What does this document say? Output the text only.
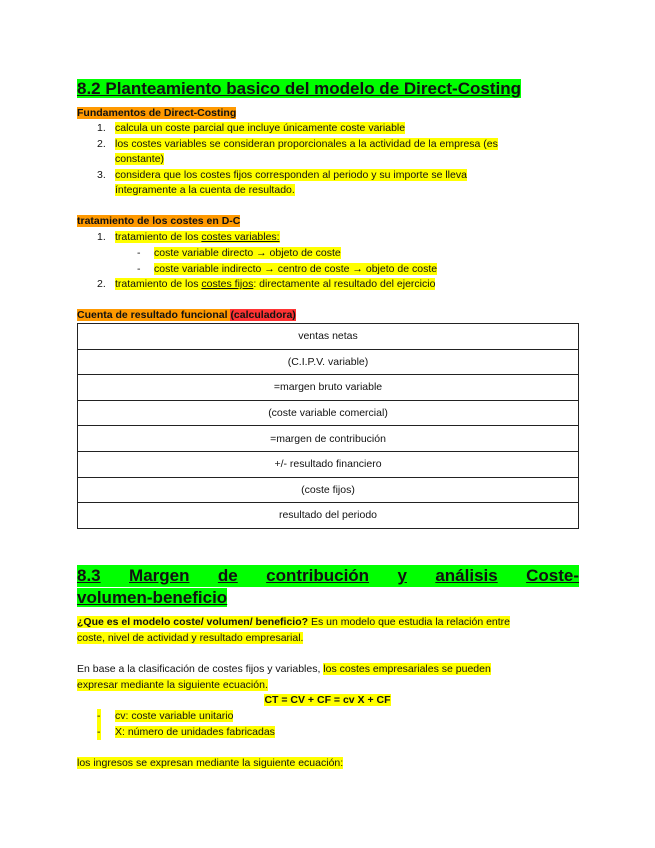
8.2 Planteamiento basico del modelo de Direct-Costing
Fundamentos de Direct-Costing
1. calcula un coste parcial que incluye únicamente coste variable
2. los costes variables se consideran proporcionales a la actividad de la empresa (es
constante)
3. considera que los costes fijos corresponden al periodo y su importe se lleva
íntegramente a la cuenta de resultado.
tratamiento de los costes en D-C
1. tratamiento de los costes variables:
- coste variable directo → objeto de coste
- coste variable indirecto → centro de coste → objeto de coste
2. tratamiento de los costes fijos: directamente al resultado del ejercicio
Cuenta de resultado funcional (calculadora)
ventas netas
(C.I.P.V. variable)
=margen bruto variable
(coste variable comercial)
=margen de contribución
+/- resultado financiero
(coste fijos)
resultado del periodo
8.3 Margen de contribución y análisis Coste-
volumen-beneficio
¿Que es el modelo coste/ volumen/ beneficio? Es un modelo que estudia la relación entre
coste, nivel de actividad y resultado empresarial.
En base a la clasificación de costes fijos y variables, los costes empresariales se pueden
expresar mediante la siguiente ecuación.
CT = CV + CF = cv X + CF
- cv: coste variable unitario
- X: número de unidades fabricadas
los ingresos se expresan mediante la siguiente ecuación:
